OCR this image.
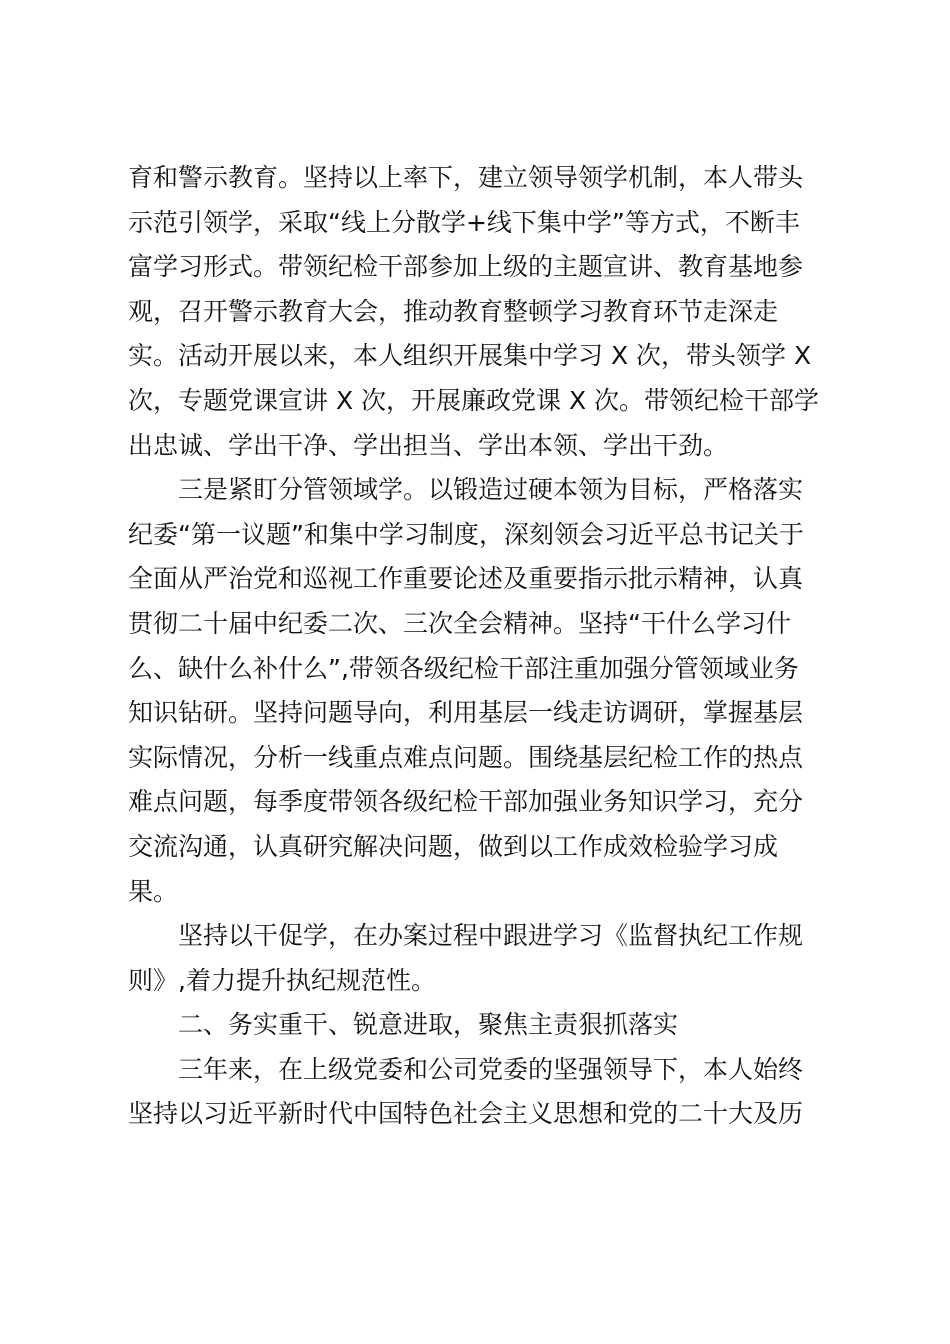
育和警示教育。坚持以上率下，建立领导领学机制，本人带头
示范引领学，采取“线上分散学+线下集中学”等方式，不断丰
富学习形式。带领纪检干部参加上级的主题宣讲、教育基地参
观，召开警示教育大会，推动教育整顿学习教育环节走深走
实。活动开展以来，本人组织开展集中学习 X 次，带头领学 X
次，专题党课宣讲 X 次，开展廉政党课 X 次。带领纪检干部学
出忠诚、学出干净、学出担当、学出本领、学出干劲。
三是紧盯分管领域学。以锻造过硬本领为目标，严格落实
纪委“第一议题”和集中学习制度，深刻领会习近平总书记关于
全面从严治党和巡视工作重要论述及重要指示批示精神，认真
贯彻二十届中纪委二次、三次全会精神。坚持“干什么学习什
么、缺什么补什么”,带领各级纪检干部注重加强分管领域业务
知识钻研。坚持问题导向，利用基层一线走访调研，掌握基层
实际情况，分析一线重点难点问题。围绕基层纪检工作的热点
难点问题，每季度带领各级纪检干部加强业务知识学习，充分
交流沟通，认真研究解决问题，做到以工作成效检验学习成
果。
坚持以干促学，在办案过程中跟进学习《监督执纪工作规
则》,着力提升执纪规范性。
二、务实重干、锐意进取，聚焦主责狠抓落实
三年来，在上级党委和公司党委的坚强领导下，本人始终
坚持以习近平新时代中国特色社会主义思想和党的二十大及历
